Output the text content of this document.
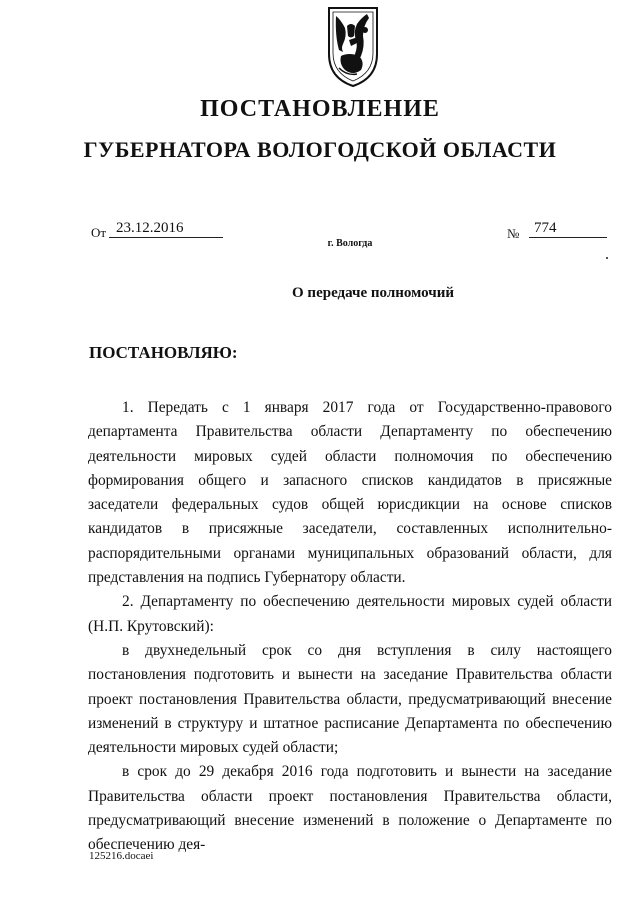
ПОСТАНОВЛЕНИЕ
ГУБЕРНАТОРА ВОЛОГОДСКОЙ ОБЛАСТИ
От 23.12.2016
г. Вологда
№ 774
О передаче полномочий
ПОСТАНОВЛЯЮ:

1. Передать с 1 января 2017 года от Государственно-правового департамента Правительства области Департаменту по обеспечению деятельности мировых судей области полномочия по обеспечению формирования общего и запасного списков кандидатов в присяжные заседатели федеральных судов общей юрисдикции на основе списков кандидатов в присяжные заседатели, составленных исполнительно-распорядительными органами муниципальных образований области, для представления на подпись Губернатору области.

2. Департаменту по обеспечению деятельности мировых судей области (Н.П. Крутовский):

в двухнедельный срок со дня вступления в силу настоящего постановления подготовить и вынести на заседание Правительства области проект постановления Правительства области, предусматривающий внесение изменений в структуру и штатное расписание Департамента по обеспечению деятельности мировых судей области;

в срок до 29 декабря 2016 года подготовить и вынести на заседание Правительства области проект постановления Правительства области, предусматривающий внесение изменений в положение о Департаменте по обеспечению дея-

125216.docaei
